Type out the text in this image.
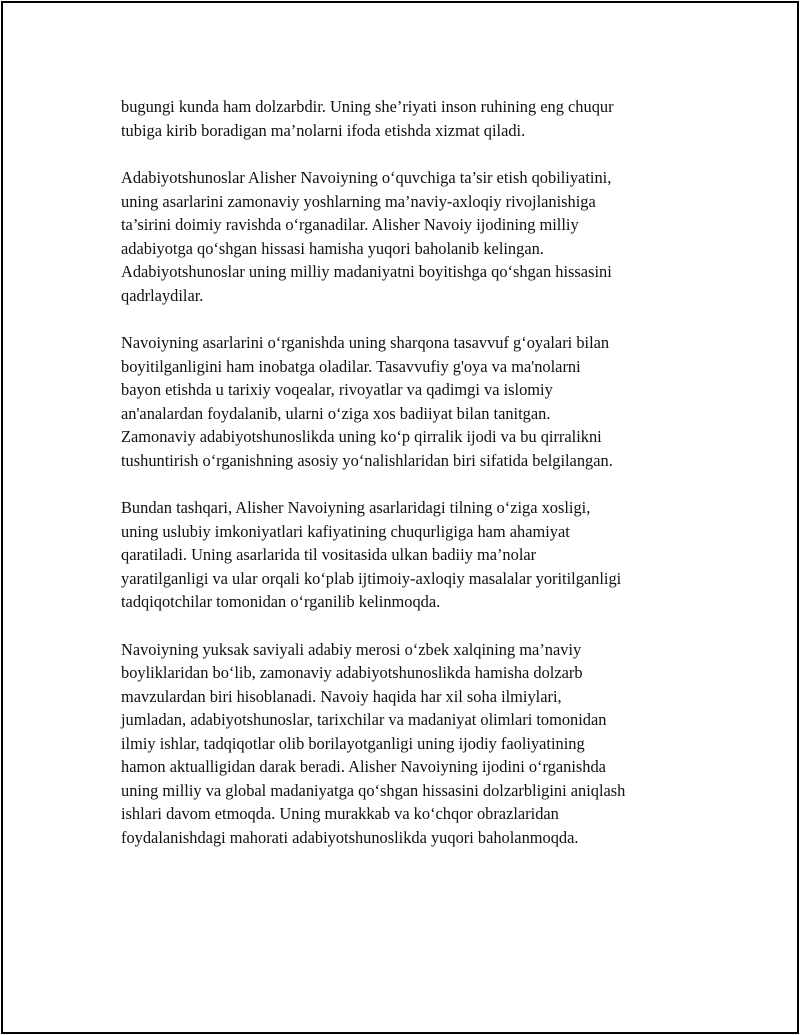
bugungi kunda ham dolzarbdir. Uning she’riyati inson ruhining eng chuqur
tubiga kirib boradigan ma’nolarni ifoda etishda xizmat qiladi.

Adabiyotshunoslar Alisher Navoiyning o‘quvchiga ta’sir etish qobiliyatini,
uning asarlarini zamonaviy yoshlarning ma’naviy-axloqiy rivojlanishiga
ta’sirini doimiy ravishda o‘rganadilar. Alisher Navoiy ijodining milliy
adabiyotga qo‘shgan hissasi hamisha yuqori baholanib kelingan.
Adabiyotshunoslar uning milliy madaniyatni boyitishga qo‘shgan hissasini
qadrlaydilar.

Navoiyning asarlarini o‘rganishda uning sharqona tasavvuf g‘oyalari bilan
boyitilganligini ham inobatga oladilar. Tasavvufiy g'oya va ma'nolarni
bayon etishda u tarixiy voqealar, rivoyatlar va qadimgi va islomiy
an'analardan foydalanib, ularni o‘ziga xos badiiyat bilan tanitgan.
Zamonaviy adabiyotshunoslikda uning ko‘p qirralik ijodi va bu qirralikni
tushuntirish o‘rganishning asosiy yo‘nalishlaridan biri sifatida belgilangan.

Bundan tashqari, Alisher Navoiyning asarlaridagi tilning o‘ziga xosligi,
uning uslubiy imkoniyatlari kafiyatining chuqurligiga ham ahamiyat
qaratiladi. Uning asarlarida til vositasida ulkan badiiy ma’nolar
yaratilganligi va ular orqali ko‘plab ijtimoiy-axloqiy masalalar yoritilganligi
tadqiqotchilar tomonidan o‘rganilib kelinmoqda.

Navoiyning yuksak saviyali adabiy merosi o‘zbek xalqining ma’naviy
boyliklaridan bo‘lib, zamonaviy adabiyotshunoslikda hamisha dolzarb
mavzulardan biri hisoblanadi. Navoiy haqida har xil soha ilmiylari,
jumladan, adabiyotshunoslar, tarixchilar va madaniyat olimlari tomonidan
ilmiy ishlar, tadqiqotlar olib borilayotganligi uning ijodiy faoliyatining
hamon aktualligidan darak beradi. Alisher Navoiyning ijodini o‘rganishda
uning milliy va global madaniyatga qo‘shgan hissasini dolzarbligini aniqlash
ishlari davom etmoqda. Uning murakkab va ko‘chqor obrazlaridan
foydalanishdagi mahorati adabiyotshunoslikda yuqori baholanmoqda.
